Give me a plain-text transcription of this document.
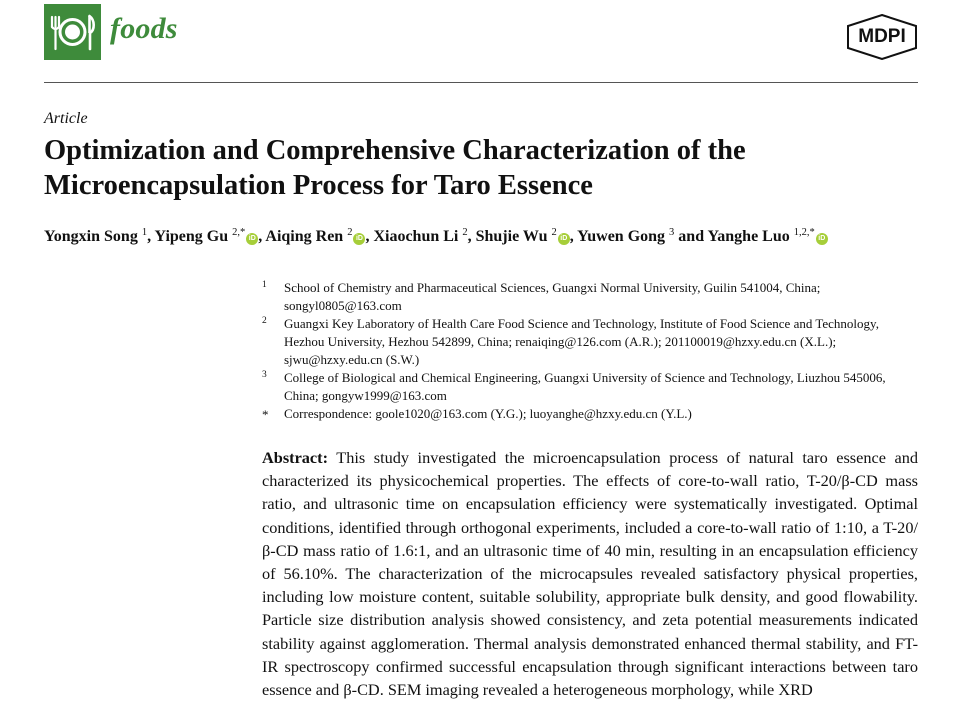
foods	MDPI
Article
Optimization and Comprehensive Characterization of the Microencapsulation Process for Taro Essence
Yongxin Song $^1$, Yipeng Gu $^{2,*}$iD , Aiqing Ren $^2$iD , Xiaochun Li $^2$, Shujie Wu $^2$iD , Yuwen Gong $^3$ and Yanghe Luo $^{1,2,*}$iD
1 School of Chemistry and Pharmaceutical Sciences, Guangxi Normal University, Guilin 541004, China; songyl0805@163.com
2 Guangxi Key Laboratory of Health Care Food Science and Technology, Institute of Food Science and Technology, Hezhou University, Hezhou 542899, China; renaiqing@126.com (A.R.); 201100019@hzxy.edu.cn (X.L.); sjwu@hzxy.edu.cn (S.W.)
3 College of Biological and Chemical Engineering, Guangxi University of Science and Technology, Liuzhou 545006, China; gongyw1999@163.com
* Correspondence: goole1020@163.com (Y.G.); luoyanghe@hzxy.edu.cn (Y.L.)
Abstract: This study investigated the microencapsulation process of natural taro essence and characterized its physicochemical properties. The effects of core-to-wall ratio, T-20/β-CD mass ratio, and ultrasonic time on encapsulation efficiency were systematically investigated. Optimal conditions, identified through orthogonal experiments, included a core-to-wall ratio of 1:10, a T-20/β-CD mass ratio of 1.6:1, and an ultrasonic time of 40 min, resulting in an encapsulation efficiency of 56.10%. The characterization of the microcapsules revealed satisfactory physical properties, including low moisture content, suitable solubility, appropriate bulk density, and good flowability. Particle size distribution analysis showed consistency, and zeta potential measurements indicated stability against agglomeration. Thermal analysis demonstrated enhanced thermal stability, and FT-IR spectroscopy confirmed successful encapsulation through significant interactions between taro essence and β-CD. SEM imaging revealed a heterogeneous morphology, while XRD
